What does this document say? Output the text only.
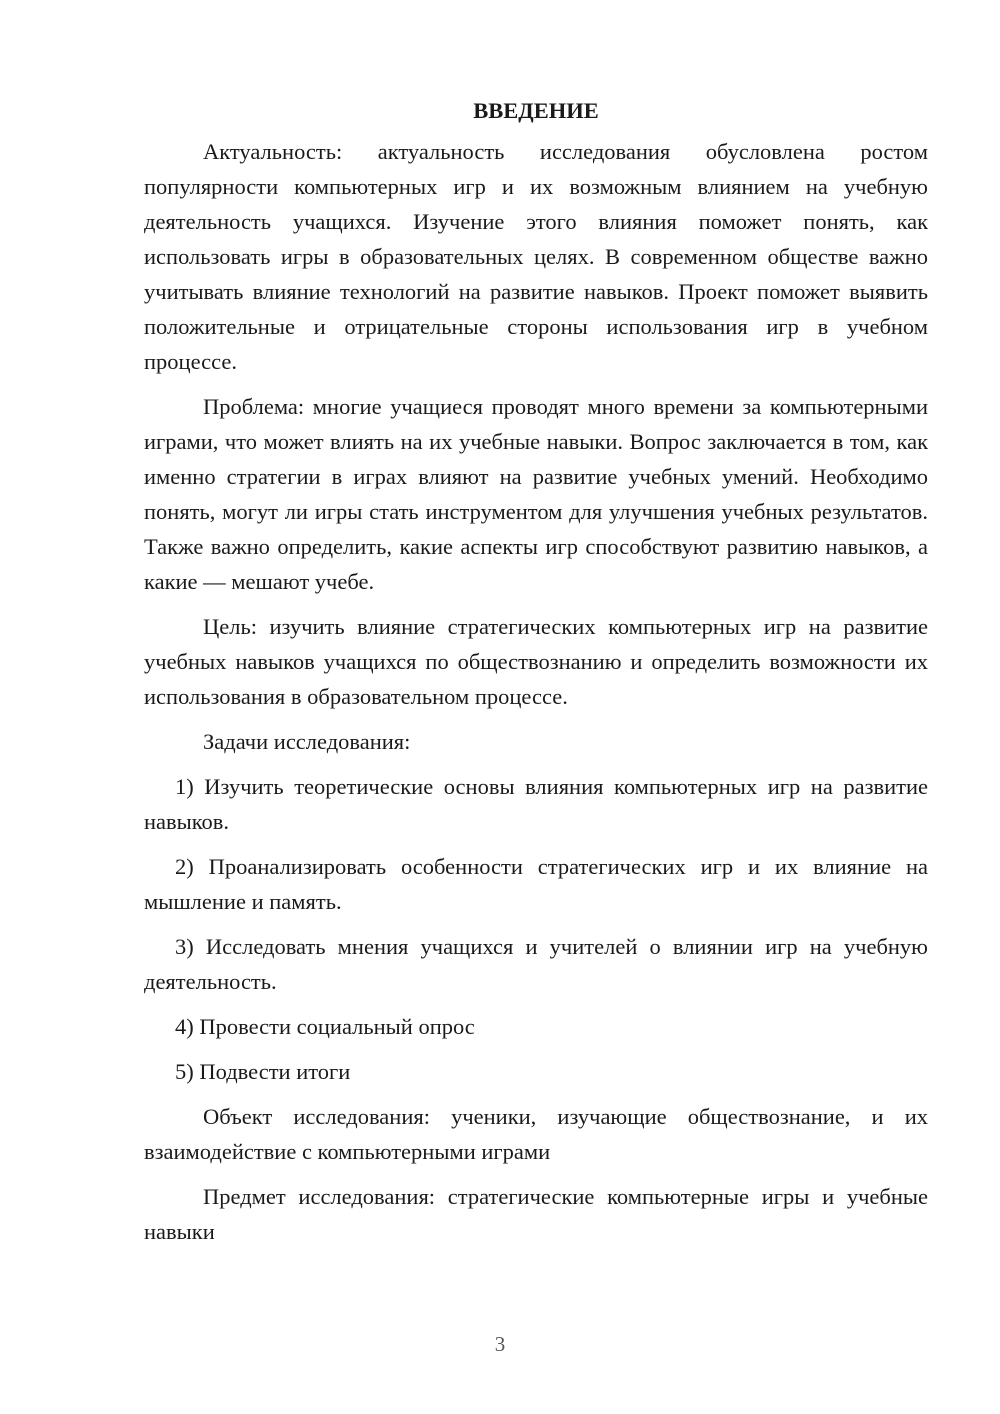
ВВЕДЕНИЕ

Актуальность: актуальность исследования обусловлена ростом популярности компьютерных игр и их возможным влиянием на учебную деятельность учащихся. Изучение этого влияния поможет понять, как использовать игры в образовательных целях. В современном обществе важно учитывать влияние технологий на развитие навыков. Проект поможет выявить положительные и отрицательные стороны использования игр в учебном процессе.

Проблема: многие учащиеся проводят много времени за компьютерными играми, что может влиять на их учебные навыки. Вопрос заключается в том, как именно стратегии в играх влияют на развитие учебных умений. Необходимо понять, могут ли игры стать инструментом для улучшения учебных результатов. Также важно определить, какие аспекты игр способствуют развитию навыков, а какие — мешают учебе.

Цель: изучить влияние стратегических компьютерных игр на развитие учебных навыков учащихся по обществознанию и определить возможности их использования в образовательном процессе.

Задачи исследования:

1) Изучить теоретические основы влияния компьютерных игр на развитие навыков.

2) Проанализировать особенности стратегических игр и их влияние на мышление и память.

3) Исследовать мнения учащихся и учителей о влиянии игр на учебную деятельность.

4) Провести социальный опрос

5) Подвести итоги

Объект исследования: ученики, изучающие обществознание, и их взаимодействие с компьютерными играми

Предмет исследования: стратегические компьютерные игры и учебные навыки

3
